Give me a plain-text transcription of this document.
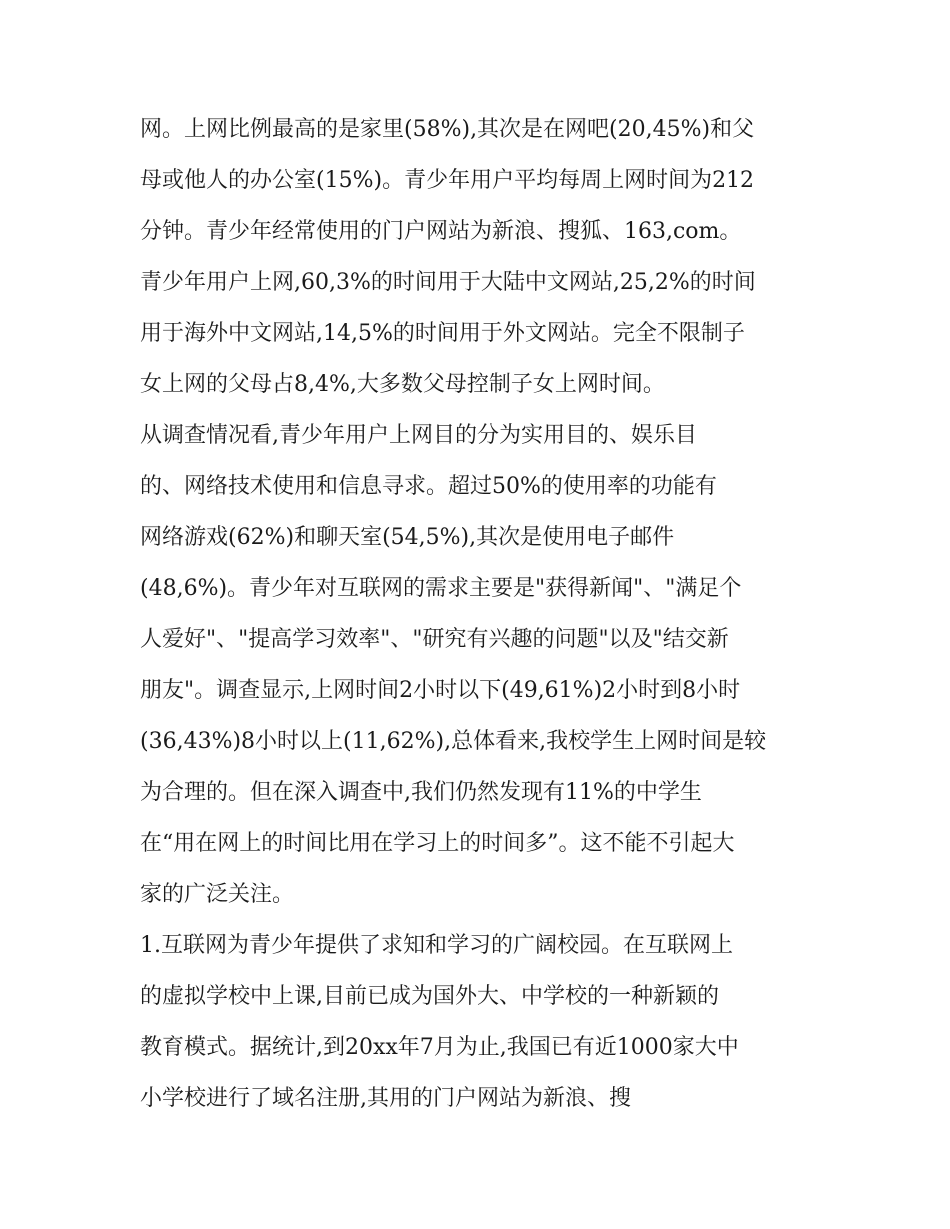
网。上网比例最高的是家里(58%),其次是在网吧(20,45%)和父
母或他人的办公室(15%)。青少年用户平均每周上网时间为212
分钟。青少年经常使用的门户网站为新浪、搜狐、163,com。
青少年用户上网,60,3%的时间用于大陆中文网站,25,2%的时间
用于海外中文网站,14,5%的时间用于外文网站。完全不限制子
女上网的父母占8,4%,大多数父母控制子女上网时间。
从调查情况看,青少年用户上网目的分为实用目的、娱乐目
的、网络技术使用和信息寻求。超过50%的使用率的功能有
网络游戏(62%)和聊天室(54,5%),其次是使用电子邮件
(48,6%)。青少年对互联网的需求主要是"获得新闻"、"满足个
人爱好"、"提高学习效率"、"研究有兴趣的问题"以及"结交新
朋友"。调查显示,上网时间2小时以下(49,61%)2小时到8小时
(36,43%)8小时以上(11,62%),总体看来,我校学生上网时间是较
为合理的。但在深入调查中,我们仍然发现有11%的中学生
在“用在网上的时间比用在学习上的时间多”。这不能不引起大
家的广泛关注。
1.互联网为青少年提供了求知和学习的广阔校园。在互联网上
的虚拟学校中上课,目前已成为国外大、中学校的一种新颖的
教育模式。据统计,到20xx年7月为止,我国已有近1000家大中
小学校进行了域名注册,其用的门户网站为新浪、搜
